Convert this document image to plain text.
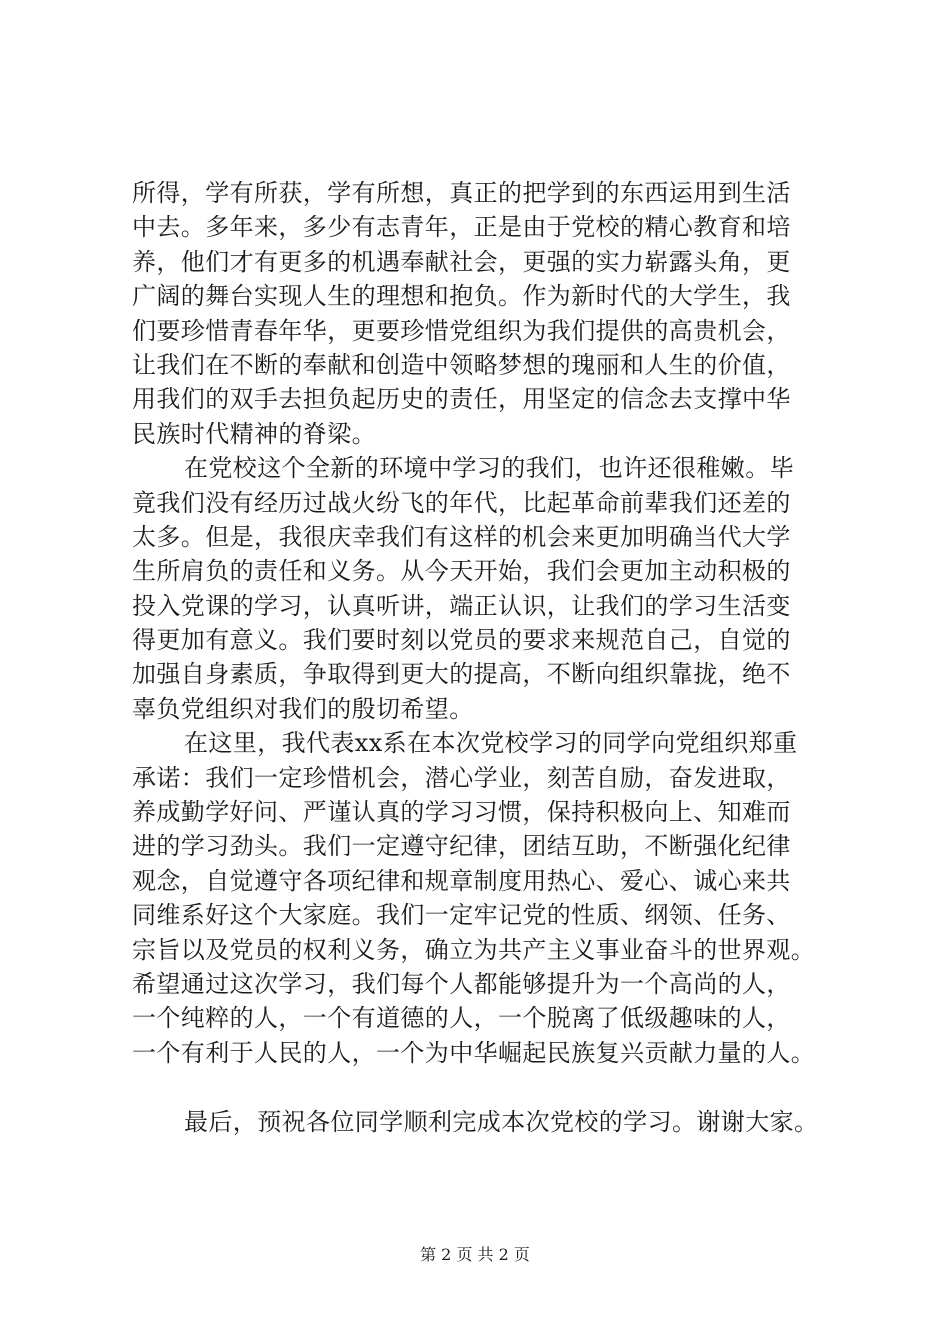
所得，学有所获，学有所想，真正的把学到的东西运用到生活
中去。多年来，多少有志青年，正是由于党校的精心教育和培
养，他们才有更多的机遇奉献社会，更强的实力崭露头角，更
广阔的舞台实现人生的理想和抱负。作为新时代的大学生，我
们要珍惜青春年华，更要珍惜党组织为我们提供的高贵机会，
让我们在不断的奉献和创造中领略梦想的瑰丽和人生的价值，
用我们的双手去担负起历史的责任，用坚定的信念去支撑中华
民族时代精神的脊梁。
在党校这个全新的环境中学习的我们，也许还很稚嫩。毕
竟我们没有经历过战火纷飞的年代，比起革命前辈我们还差的
太多。但是，我很庆幸我们有这样的机会来更加明确当代大学
生所肩负的责任和义务。从今天开始，我们会更加主动积极的
投入党课的学习，认真听讲，端正认识，让我们的学习生活变
得更加有意义。我们要时刻以党员的要求来规范自己，自觉的
加强自身素质，争取得到更大的提高，不断向组织靠拢，绝不
辜负党组织对我们的殷切希望。
在这里，我代表xx系在本次党校学习的同学向党组织郑重
承诺：我们一定珍惜机会，潜心学业，刻苦自励，奋发进取，
养成勤学好问、严谨认真的学习习惯，保持积极向上、知难而
进的学习劲头。我们一定遵守纪律，团结互助，不断强化纪律
观念，自觉遵守各项纪律和规章制度用热心、爱心、诚心来共
同维系好这个大家庭。我们一定牢记党的性质、纲领、任务、
宗旨以及党员的权利义务，确立为共产主义事业奋斗的世界观。
希望通过这次学习，我们每个人都能够提升为一个高尚的人，
一个纯粹的人，一个有道德的人，一个脱离了低级趣味的人，
一个有利于人民的人，一个为中华崛起民族复兴贡献力量的人。
最后，预祝各位同学顺利完成本次党校的学习。谢谢大家。
第 2 页 共 2 页
